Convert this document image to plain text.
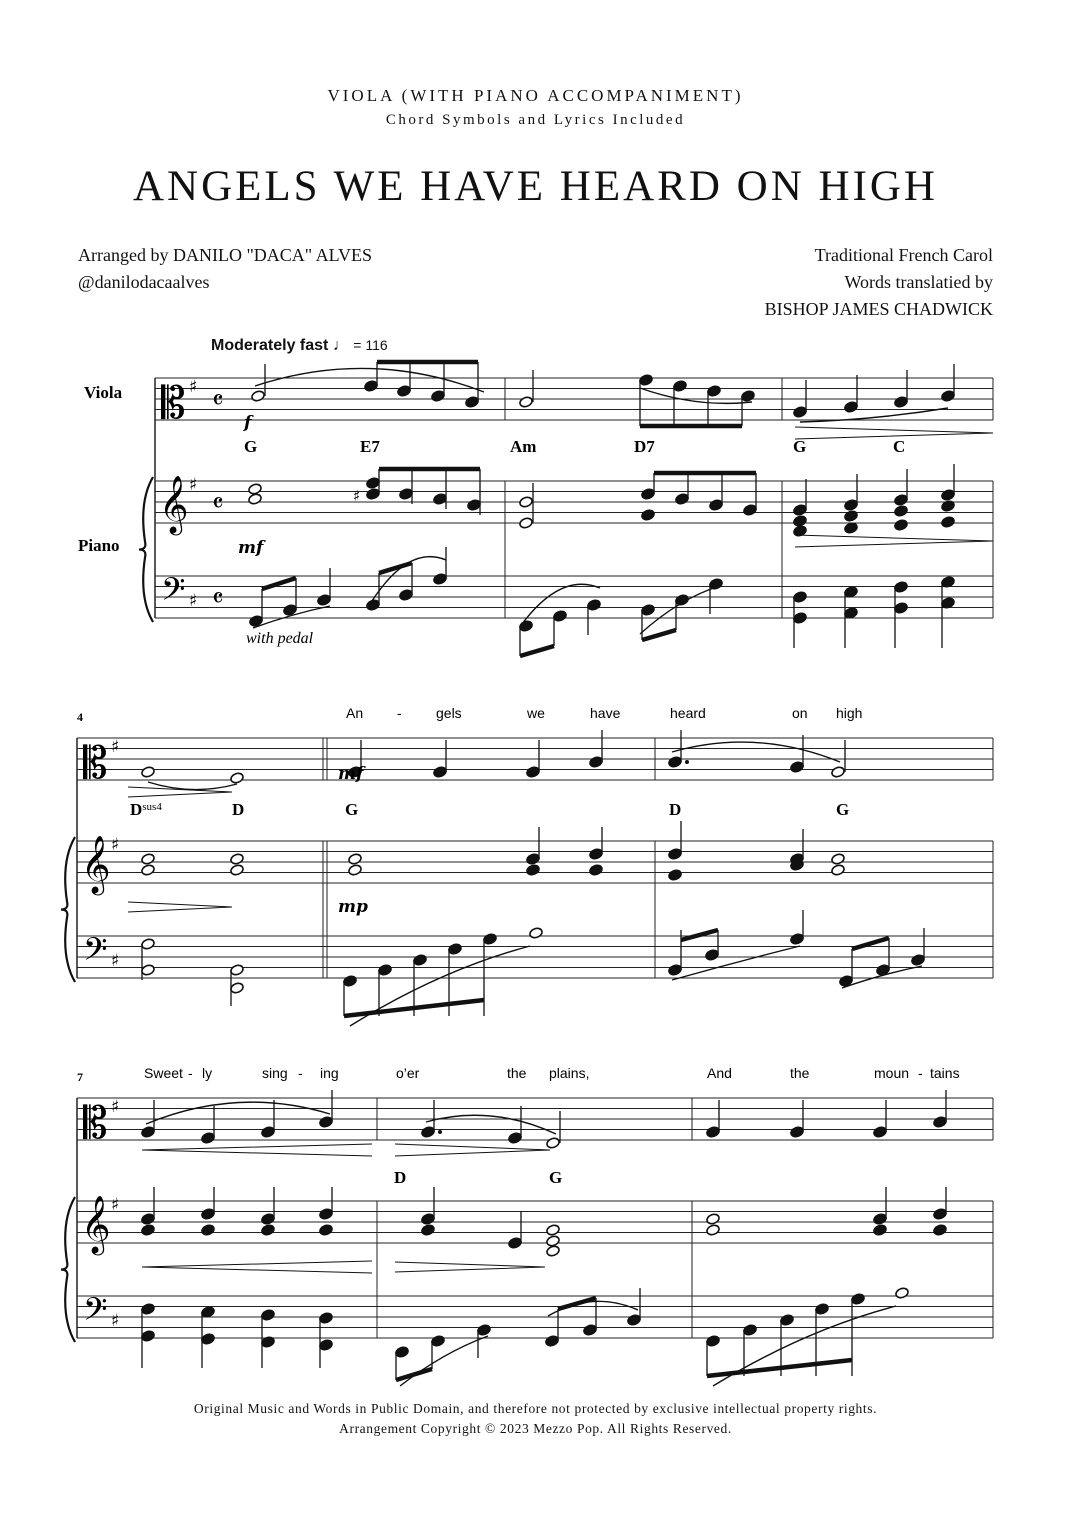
VIOLA (WITH PIANO ACCOMPANIMENT)
Chord Symbols and Lyrics Included
ANGELS WE HAVE HEARD ON HIGH
Arranged by DANILO "DACA" ALVES
@danilodacaalves
Traditional French Carol
Words translatied by
BISHOP JAMES CHADWICK
Moderately fast ♩ = 116
𝄡
𝄞
𝄢
♯
♯
♯
𝄡
𝄞
𝄢
♯
♯
♯
𝄡
𝄞
𝄢
♯
♯
♯
𝄴
𝄴
𝄴
♯
Viola
Piano
G	E7	Am	D7	G	C
f
mf
with pedal
4	An - gels	we	have	heard	on high
$D^{sus4}$	D	G	D	G
mf
mp
7	Sweet - ly	sing - ing	o’er	the plains,	And	the	moun - tains
D	G
Original Music and Words in Public Domain, and therefore not protected by exclusive intellectual property rights.
Arrangement Copyright © 2023 Mezzo Pop. All Rights Reserved.
